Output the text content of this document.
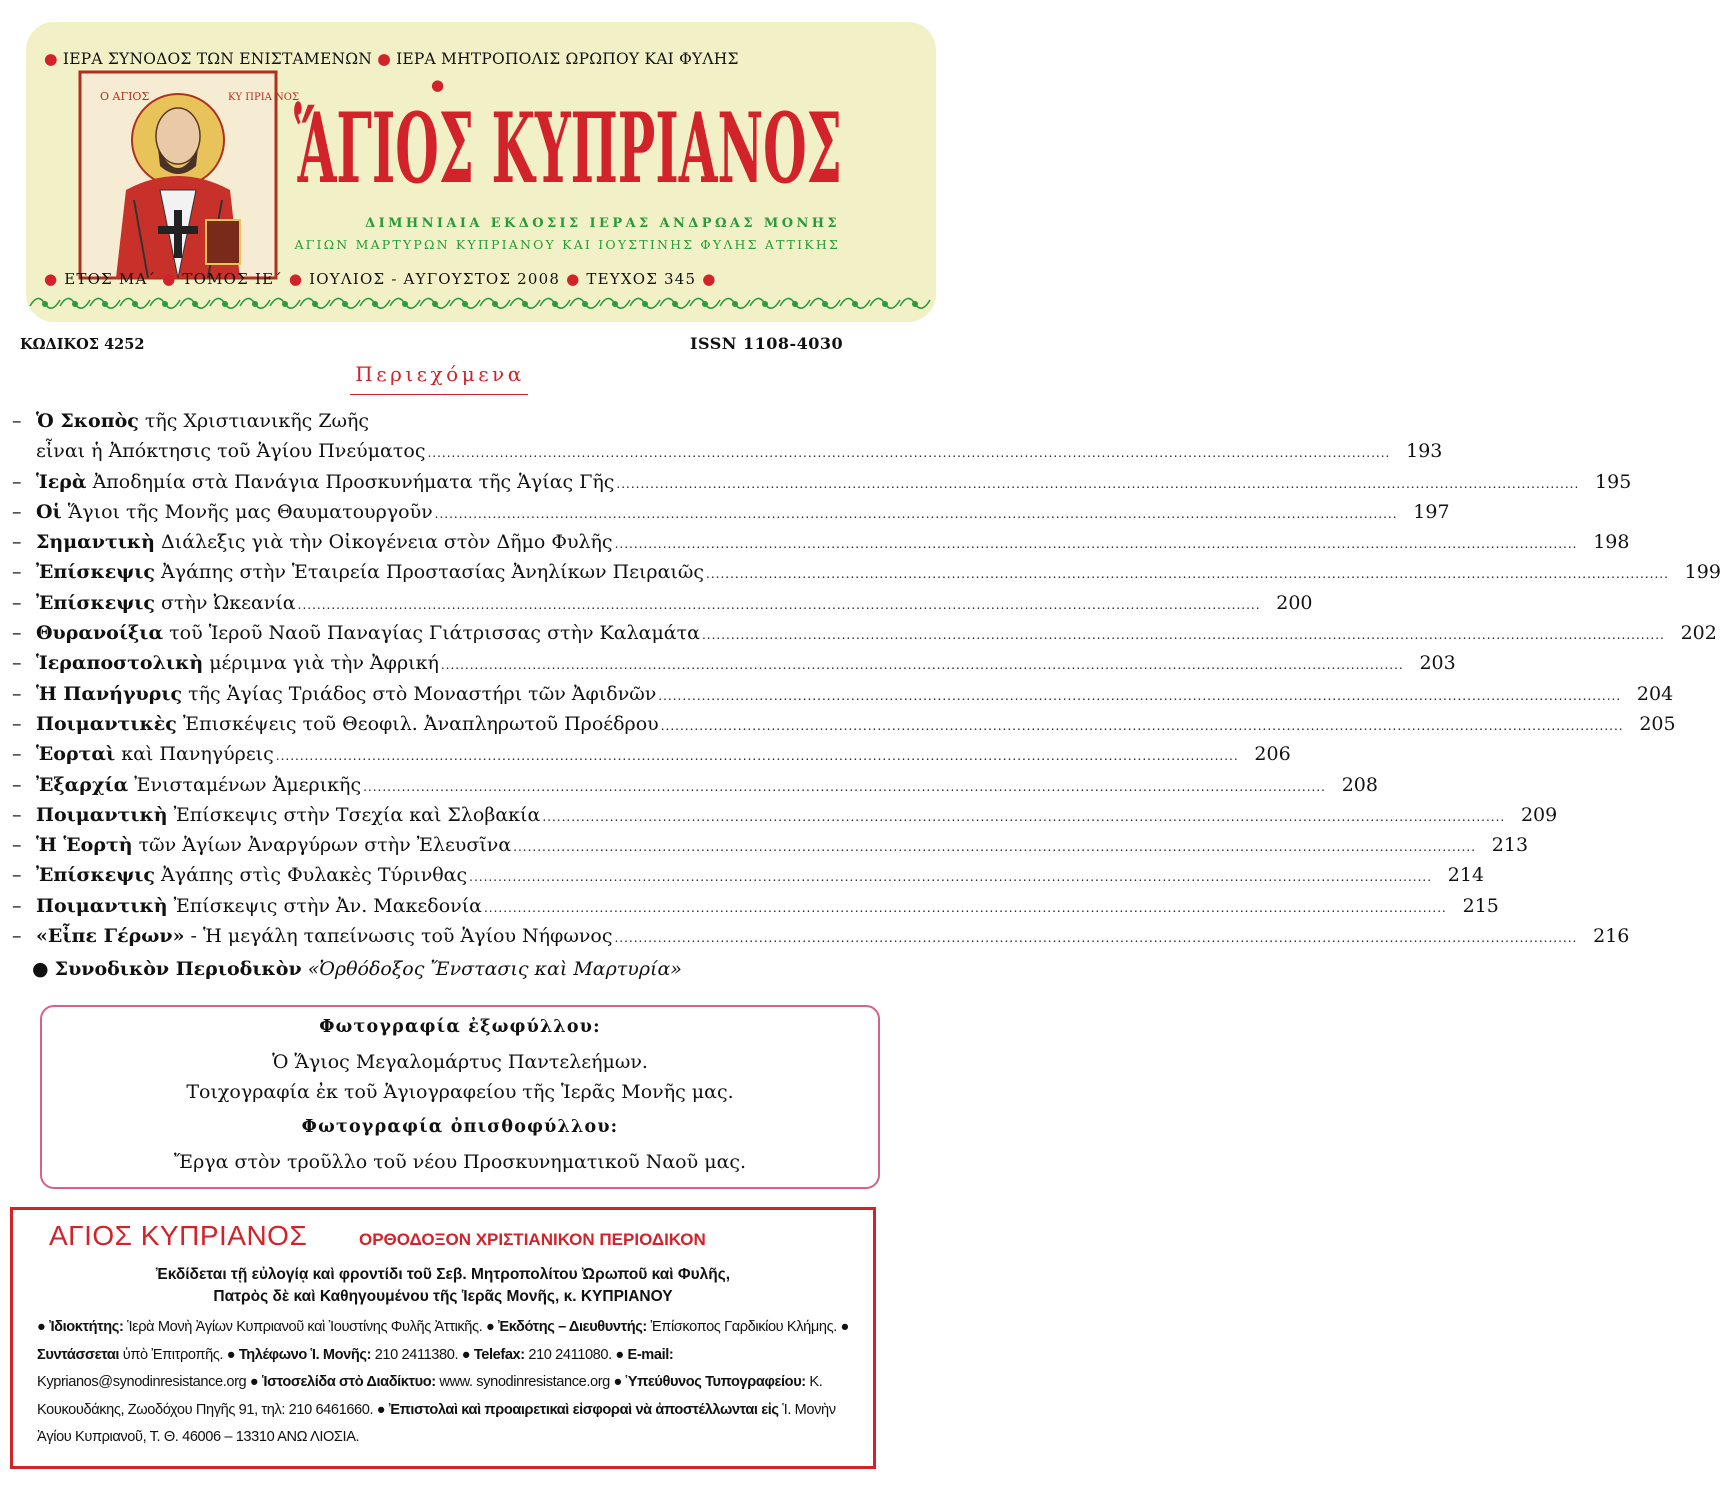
● ΙΕΡΑ ΣΥΝΟΔΟΣ ΤΩΝ ΕΝΙΣΤΑΜΕΝΩΝ ● ΙΕΡΑ ΜΗΤΡΟΠΟΛΙΣ ΩΡΩΠΟΥ ΚΑΙ ΦΥΛΗΣ
●
Ο ΑΓΙΟΣ	ΚΥ ΠΡΙΑ ΝΟΣ
ἍΓΙΟΣ ΚΥΠΡΙΑΝΟΣ
ΔΙΜΗΝΙΑΙΑ ΕΚΔΟΣΙΣ ΙΕΡΑΣ ΑΝΔΡΩΑΣ ΜΟΝΗΣ
ΑΓΙΩΝ ΜΑΡΤΥΡΩΝ ΚΥΠΡΙΑΝΟΥ ΚΑΙ ΙΟΥΣΤΙΝΗΣ ΦΥΛΗΣ ΑΤΤΙΚΗΣ
● ΕΤΟΣ ΜΑ΄ ● ΤΟΜΟΣ ΙΕ΄ ● ΙΟΥΛΙΟΣ - ΑΥΓΟΥΣΤΟΣ 2008 ● ΤΕΥΧΟΣ 345 ●
ΚΩΔΙΚΟΣ 4252	ISSN 1108-4030
Περιεχόμενα
– Ὁ Σκοπὸς τῆς Χριστιανικῆς Ζωῆς
εἶναι ἡ Ἀπόκτησις τοῦ Ἁγίου Πνεύματος ........................................................................................................................................................................................................ 193
– Ἱερὰ Ἀποδημία στὰ Πανάγια Προσκυνήματα τῆς Ἁγίας Γῆς ........................................................................................................................................................................................................ 195
– Οἱ Ἅγιοι τῆς Μονῆς μας Θαυματουργοῦν ........................................................................................................................................................................................................ 197
– Σημαντικὴ Διάλεξις γιὰ τὴν Οἰκογένεια στὸν Δῆμο Φυλῆς ........................................................................................................................................................................................................ 198
– Ἐπίσκεψις Ἀγάπης στὴν Ἑταιρεία Προστασίας Ἀνηλίκων Πειραιῶς ........................................................................................................................................................................................................ 199
– Ἐπίσκεψις στὴν Ὠκεανία ........................................................................................................................................................................................................ 200
– Θυρανοίξια τοῦ Ἱεροῦ Ναοῦ Παναγίας Γιάτρισσας στὴν Καλαμάτα ........................................................................................................................................................................................................ 202
– Ἱεραποστολικὴ μέριμνα γιὰ τὴν Ἀφρική ........................................................................................................................................................................................................ 203
– Ἡ Πανήγυρις τῆς Ἁγίας Τριάδος στὸ Μοναστήρι τῶν Ἀφιδνῶν ........................................................................................................................................................................................................ 204
– Ποιμαντικὲς Ἐπισκέψεις τοῦ Θεοφιλ. Ἀναπληρωτοῦ Προέδρου ........................................................................................................................................................................................................ 205
– Ἑορταὶ καὶ Πανηγύρεις ........................................................................................................................................................................................................ 206
– Ἐξαρχία Ἐνισταμένων Ἀμερικῆς ........................................................................................................................................................................................................ 208
– Ποιμαντικὴ Ἐπίσκεψις στὴν Τσεχία καὶ Σλοβακία ........................................................................................................................................................................................................ 209
– Ἡ Ἑορτὴ τῶν Ἁγίων Ἀναργύρων στὴν Ἐλευσῖνα ........................................................................................................................................................................................................ 213
– Ἐπίσκεψις Ἀγάπης στὶς Φυλακὲς Τύρινθας ........................................................................................................................................................................................................ 214
– Ποιμαντικὴ Ἐπίσκεψις στὴν Ἀν. Μακεδονία ........................................................................................................................................................................................................ 215
– «Εἶπε Γέρων» - Ἡ μεγάλη ταπείνωσις τοῦ Ἁγίου Νήφωνος ........................................................................................................................................................................................................ 216
● Συνοδικὸν Περιοδικὸν «Ὀρθόδοξος Ἔνστασις καὶ Μαρτυρία»
Φωτογραφία ἐξωφύλλου:
Ὁ Ἅγιος Μεγαλομάρτυς Παντελεήμων.
Τοιχογραφία ἐκ τοῦ Ἁγιογραφείου τῆς Ἱερᾶς Μονῆς μας.
Φωτογραφία ὀπισθοφύλλου:
Ἔργα στὸν τροῦλλο τοῦ νέου Προσκυνηματικοῦ Ναοῦ μας.
ΑΓΙΟΣ ΚΥΠΡΙΑΝΟΣ	ΟΡΘΟΔΟΞΟΝ ΧΡΙΣΤΙΑΝΙΚΟΝ ΠΕΡΙΟΔΙΚΟΝ
Ἐκδίδεται τῇ εὐλογίᾳ καὶ φροντίδι τοῦ Σεβ. Μητροπολίτου Ὠρωποῦ καὶ Φυλῆς,
Πατρὸς δὲ καὶ Καθηγουμένου τῆς Ἱερᾶς Μονῆς, κ. ΚΥΠΡΙΑΝΟΥ
● Ἰδιοκτήτης: Ἱερὰ Μονὴ Ἁγίων Κυπριανοῦ καὶ Ἰουστίνης Φυλῆς Ἀττικῆς. ● Ἐκδότης – Διευθυντής: Ἐπίσκοπος Γαρδικίου Κλήμης. ● Συντάσσεται ὑπὸ Ἐπιτροπῆς. ● Τηλέφωνο Ἱ. Μονῆς: 210 2411380. ● Telefax: 210 2411080. ● E-mail: Kyprianos@synodinresistance.org ● Ἱστοσελίδα στὸ Διαδίκτυο: www. synodinresistance.org ● Ὑπεύθυνος Τυπογραφείου: Κ. Κουκουδάκης, Ζωοδόχου Πηγῆς 91, τηλ: 210 6461660. ● Ἐπιστολαὶ καὶ προαιρετικαὶ εἰσφοραὶ νὰ ἀποστέλλωνται εἰς Ἱ. Μονὴν Ἁγίου Κυπριανοῦ, Τ. Θ. 46006 – 13310 ΑΝΩ ΛΙΟΣΙΑ.
